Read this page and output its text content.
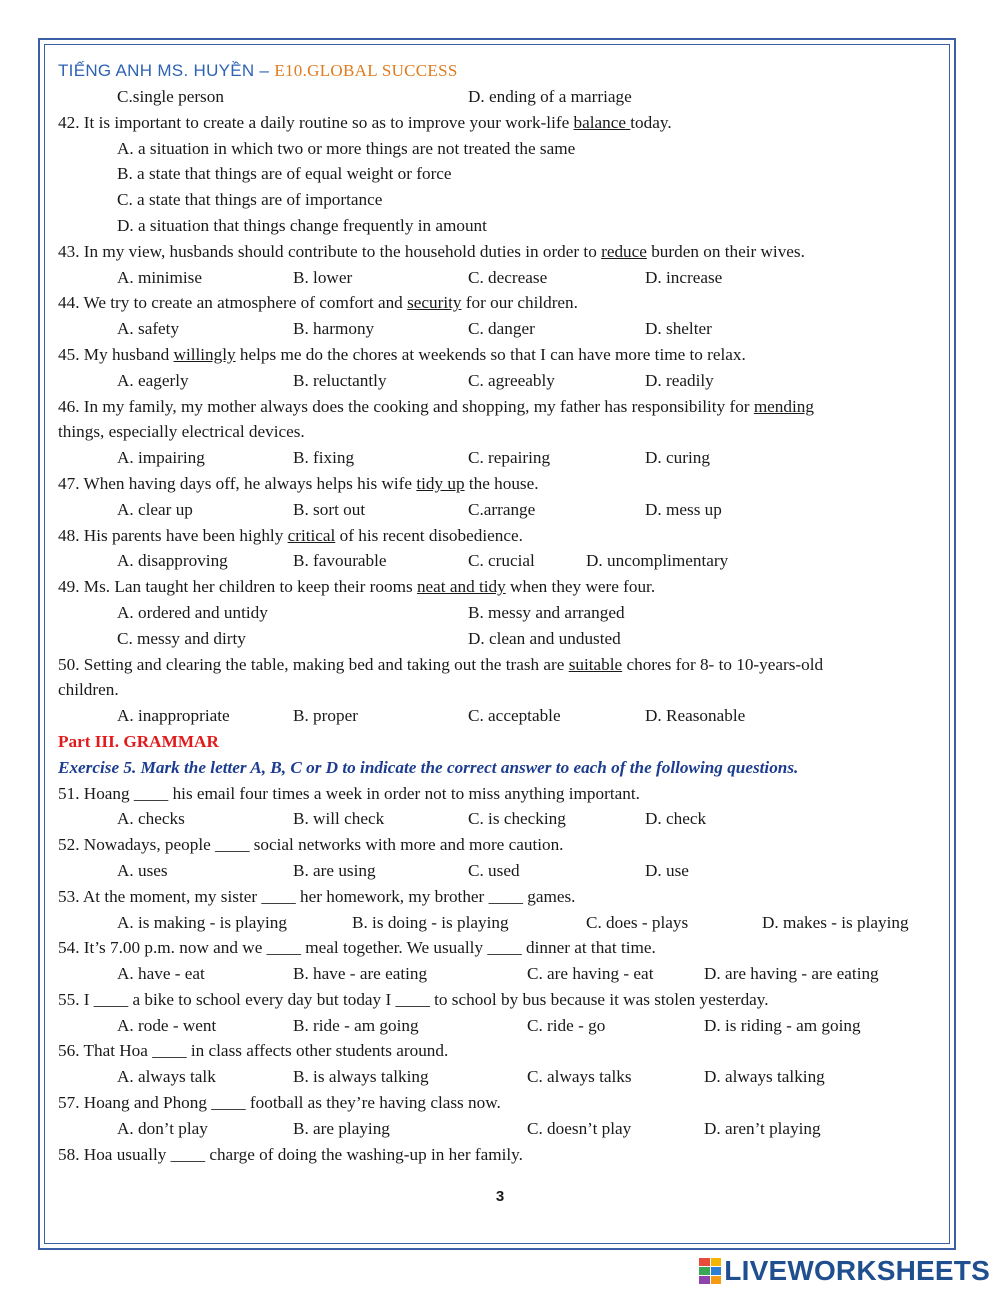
TIẾNG ANH MS. HUYỀN – E10.GLOBAL SUCCESS
C.single person	D. ending of a marriage
42. It is important to create a daily routine so as to improve your work-life balance today.
A. a situation in which two or more things are not treated the same
B. a state that things are of equal weight or force
C. a state that things are of importance
D. a situation that things change frequently in amount
43. In my view, husbands should contribute to the household duties in order to reduce burden on their wives.
A. minimise	B. lower	C. decrease	D. increase
44. We try to create an atmosphere of comfort and security for our children.
A. safety	B. harmony	C. danger	D. shelter
45. My husband willingly helps me do the chores at weekends so that I can have more time to relax.
A. eagerly	B. reluctantly	C. agreeably	D. readily
46. In my family, my mother always does the cooking and shopping, my father has responsibility for mending
things, especially electrical devices.
A. impairing	B. fixing	C. repairing	D. curing
47. When having days off, he always helps his wife tidy up the house.
A. clear up	B. sort out	C.arrange	D. mess up
48. His parents have been highly critical of his recent disobedience.
A. disapproving	B. favourable	C. crucial	D. uncomplimentary
49. Ms. Lan taught her children to keep their rooms neat and tidy when they were four.
A. ordered and untidy	B. messy and arranged
C. messy and dirty	D. clean and undusted
50. Setting and clearing the table, making bed and taking out the trash are suitable chores for 8- to 10-years-old
children.
A. inappropriate	B. proper	C. acceptable	D. Reasonable
Part III. GRAMMAR
Exercise 5. Mark the letter A, B, C or D to indicate the correct answer to each of the following questions.
51. Hoang ____ his email four times a week in order not to miss anything important.
A. checks	B. will check	C. is checking	D. check
52. Nowadays, people ____ social networks with more and more caution.
A. uses	B. are using	C. used	D. use
53. At the moment, my sister ____ her homework, my brother ____ games.
A. is making - is playing	B. is doing - is playing	C. does - plays	D. makes - is playing
54. It’s 7.00 p.m. now and we ____ meal together. We usually ____ dinner at that time.
A. have - eat	B. have - are eating	C. are having - eat	D. are having - are eating
55. I ____ a bike to school every day but today I ____ to school by bus because it was stolen yesterday.
A. rode - went	B. ride - am going	C. ride - go	D. is riding - am going
56. That Hoa ____ in class affects other students around.
A. always talk	B. is always talking	C. always talks	D. always talking
57. Hoang and Phong ____ football as they’re having class now.
A. don’t play	B. are playing	C. doesn’t play	D. aren’t playing
58. Hoa usually ____ charge of doing the washing-up in her family.
3
LIVEWORKSHEETS
